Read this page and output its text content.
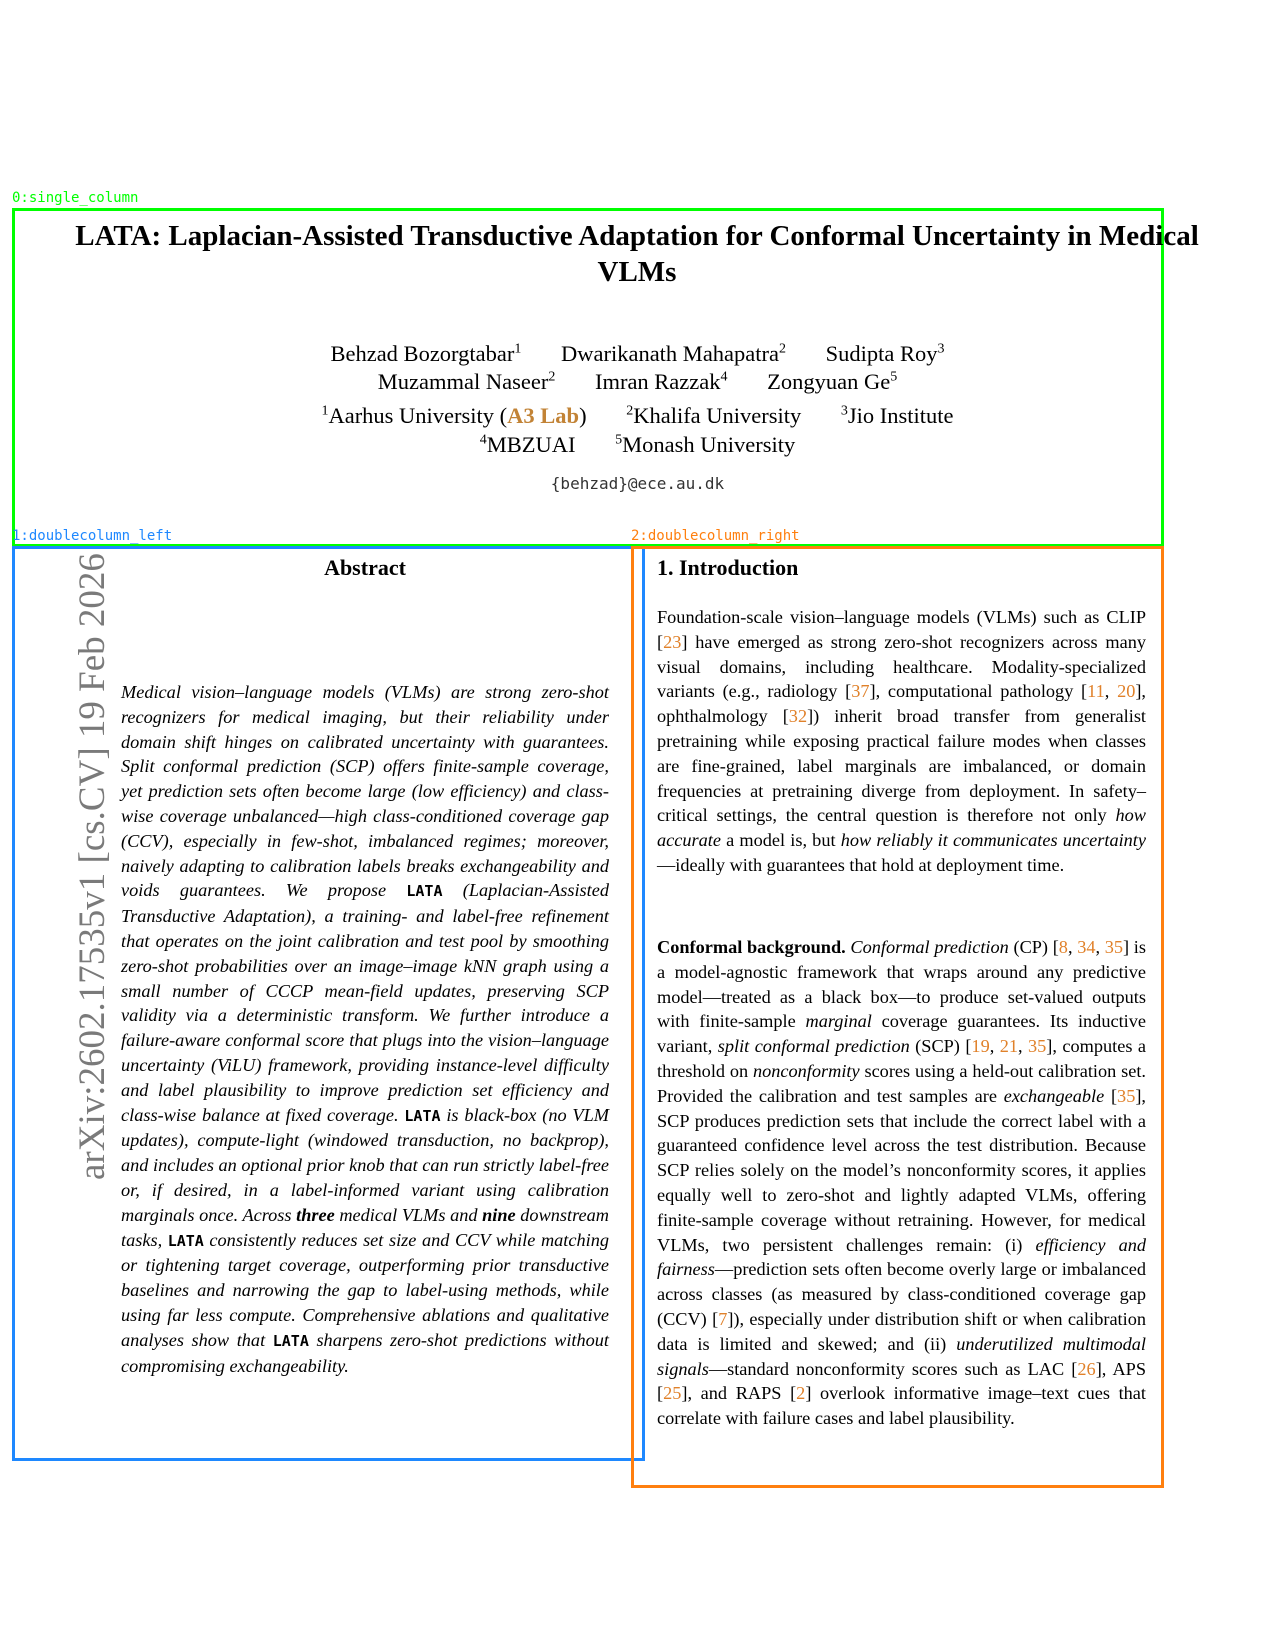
0:single_column
1:doublecolumn_left	2:doublecolumn_right
LATA: Laplacian-Assisted Transductive Adaptation for Conformal Uncertainty in Medical VLMs
Behzad Bozorgtabar$^1$ Dwarikanath Mahapatra$^2$ Sudipta Roy$^3$
Muzammal Naseer$^2$ Imran Razzak$^4$ Zongyuan Ge$^5$
$^1$Aarhus University (A3 Lab)	$^2$Khalifa University	$^3$Jio Institute
$^4$MBZUAI	$^5$Monash University
{behzad}@ece.au.dk
arXiv:2602.17535v1 [cs.CV] 19 Feb 2026	Abstract
Medical vision–language models (VLMs) are strong zero-shot recognizers for medical imaging, but their reliability under domain shift hinges on calibrated uncertainty with guarantees. Split conformal prediction (SCP) offers finite-sample coverage, yet prediction sets often become large (low efficiency) and class-wise coverage unbalanced—high class-conditioned coverage gap (CCV), especially in few-shot, imbalanced regimes; moreover, naively adapting to calibration labels breaks exchangeability and voids guarantees. We propose LATA (Laplacian-Assisted Transductive Adaptation), a training- and label-free refinement that operates on the joint calibration and test pool by smoothing zero-shot probabilities over an image–image kNN graph using a small number of CCCP mean-field updates, preserving SCP validity via a deterministic transform. We further introduce a failure-aware conformal score that plugs into the vision–language uncertainty (ViLU) framework, providing instance-level difficulty and label plausibility to improve prediction set efficiency and class-wise balance at fixed coverage. LATA is black-box (no VLM updates), compute-light (windowed transduction, no backprop), and includes an optional prior knob that can run strictly label-free or, if desired, in a label-informed variant using calibration marginals once. Across three medical VLMs and nine downstream tasks, LATA consistently reduces set size and CCV while matching or tightening target coverage, outperforming prior transductive baselines and narrowing the gap to label-using methods, while using far less compute. Comprehensive ablations and qualitative analyses show that LATA sharpens zero-shot predictions without compromising exchangeability.
1. Introduction

Foundation-scale vision–language models (VLMs) such as CLIP [23] have emerged as strong zero-shot recognizers across many visual domains, including healthcare. Modality-specialized variants (e.g., radiology [37], computational pathology [11, 20], ophthalmology [32]) inherit broad transfer from generalist pretraining while exposing practical failure modes when classes are fine-grained, label marginals are imbalanced, or domain frequencies at pretraining diverge from deployment. In safety–critical settings, the central question is therefore not only how accurate a model is, but how reliably it communicates uncertainty—ideally with guarantees that hold at deployment time.

Conformal background. Conformal prediction (CP) [8, 34, 35] is a model-agnostic framework that wraps around any predictive model—treated as a black box—to produce set-valued outputs with finite-sample marginal coverage guarantees. Its inductive variant, split conformal prediction (SCP) [19, 21, 35], computes a threshold on nonconformity scores using a held-out calibration set. Provided the calibration and test samples are exchangeable [35], SCP produces prediction sets that include the correct label with a guaranteed confidence level across the test distribution. Because SCP relies solely on the model’s nonconformity scores, it applies equally well to zero-shot and lightly adapted VLMs, offering finite-sample coverage without retraining. However, for medical VLMs, two persistent challenges remain: (i) efficiency and fairness—prediction sets often become overly large or imbalanced across classes (as measured by class-conditioned coverage gap (CCV) [7]), especially under distribution shift or when calibration data is limited and skewed; and (ii) underutilized multimodal signals—standard nonconformity scores such as LAC [26], APS [25], and RAPS [2] overlook informative image–text cues that correlate with failure cases and label plausibility.
